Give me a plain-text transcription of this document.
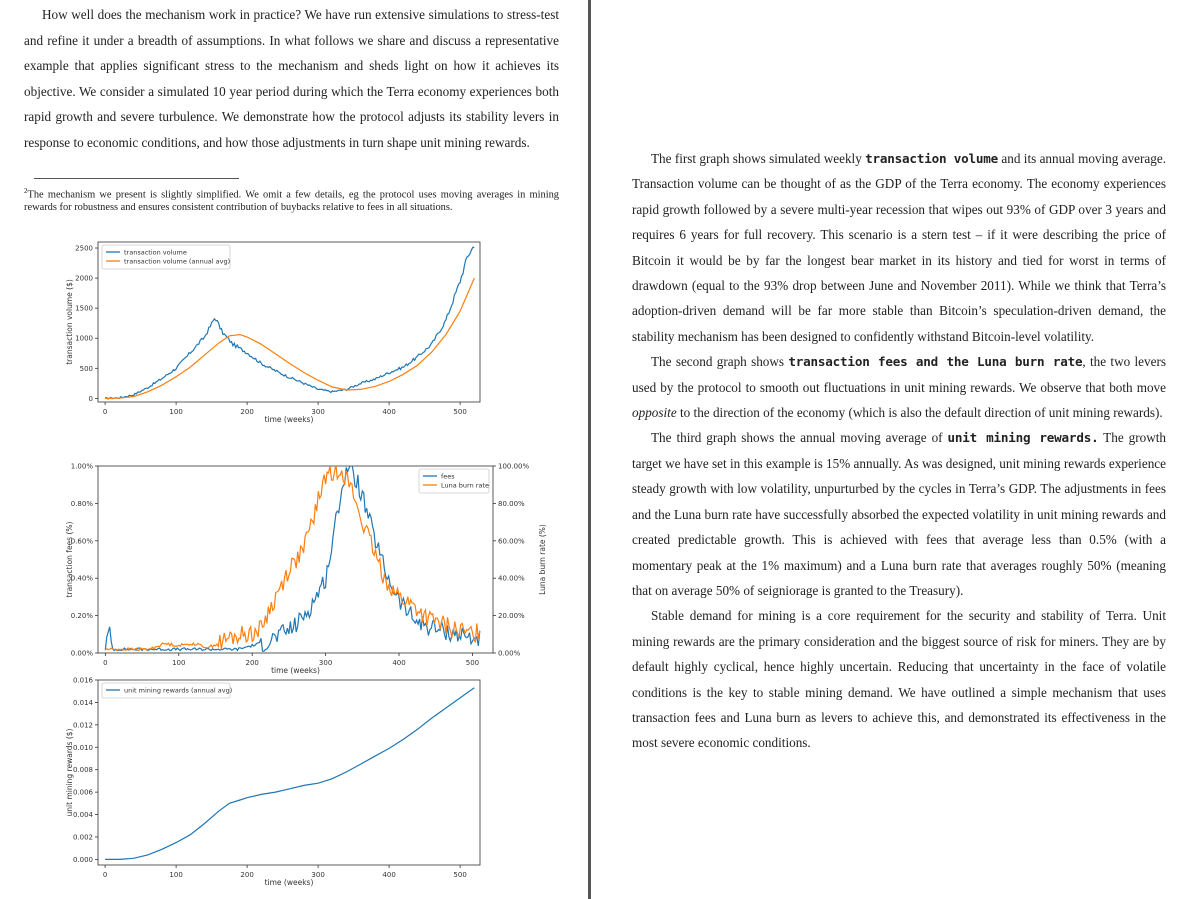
How well does the mechanism work in practice? We have run extensive simulations to stress-test and refine it under a breadth of assumptions. In what follows we share and discuss a representative example that applies significant stress to the mechanism and sheds light on how it achieves its objective. We consider a simulated 10 year period during which the Terra economy experiences both rapid growth and severe turbulence. We demonstrate how the protocol adjusts its stability levers in response to economic conditions, and how those adjustments in turn shape unit mining rewards.

$^2$The mechanism we present is slightly simplified. We omit a few details, eg the protocol uses moving averages in mining rewards for robustness and ensures consistent contribution of buybacks relative to fees in all situations.
0	100	200	300	400	500
0
500
1000
1500
2000
2500
time (weeks)
transaction volume ($)
transaction volume
transaction volume (annual avg)
0	100	200	300	400	500
0.00%
0.20%
0.40%
0.60%
0.80%
1.00%
0.00%
20.00%
40.00%
60.00%
80.00%
100.00%
Luna burn rate (%)
time (weeks)
transaction fees (%)
fees
Luna burn rate
0	100	200	300	400	500
0.000
0.002
0.004
0.006
0.008
0.010
0.012
0.014
0.016
time (weeks)
unit mining rewards ($)
unit mining rewards (annual avg)

The first graph shows simulated weekly transaction volume and its annual moving average. Transaction volume can be thought of as the GDP of the Terra economy. The economy experiences rapid growth followed by a severe multi-year recession that wipes out 93% of GDP over 3 years and requires 6 years for full recovery. This scenario is a stern test – if it were describing the price of Bitcoin it would be by far the longest bear market in its history and tied for worst in terms of drawdown (equal to the 93% drop between June and November 2011). While we think that Terra’s adoption-driven demand will be far more stable than Bitcoin’s speculation-driven demand, the stability mechanism has been designed to confidently withstand Bitcoin-level volatility.

The second graph shows transaction fees and the Luna burn rate, the two levers used by the protocol to smooth out fluctuations in unit mining rewards. We observe that both move opposite to the direction of the economy (which is also the default direction of unit mining rewards).

The third graph shows the annual moving average of unit mining rewards. The growth target we have set in this example is 15% annually. As was designed, unit mining rewards experience steady growth with low volatility, unpurturbed by the cycles in Terra’s GDP. The adjustments in fees and the Luna burn rate have successfully absorbed the expected volatility in unit mining rewards and created predictable growth. This is achieved with fees that average less than 0.5% (with a momentary peak at the 1% maximum) and a Luna burn rate that averages roughly 50% (meaning that on average 50% of seigniorage is granted to the Treasury).

Stable demand for mining is a core requirement for the security and stability of Terra. Unit mining rewards are the primary consideration and the biggest source of risk for miners. They are by default highly cyclical, hence highly uncertain. Reducing that uncertainty in the face of volatile conditions is the key to stable mining demand. We have outlined a simple mechanism that uses transaction fees and Luna burn as levers to achieve this, and demonstrated its effectiveness in the most severe economic conditions.
